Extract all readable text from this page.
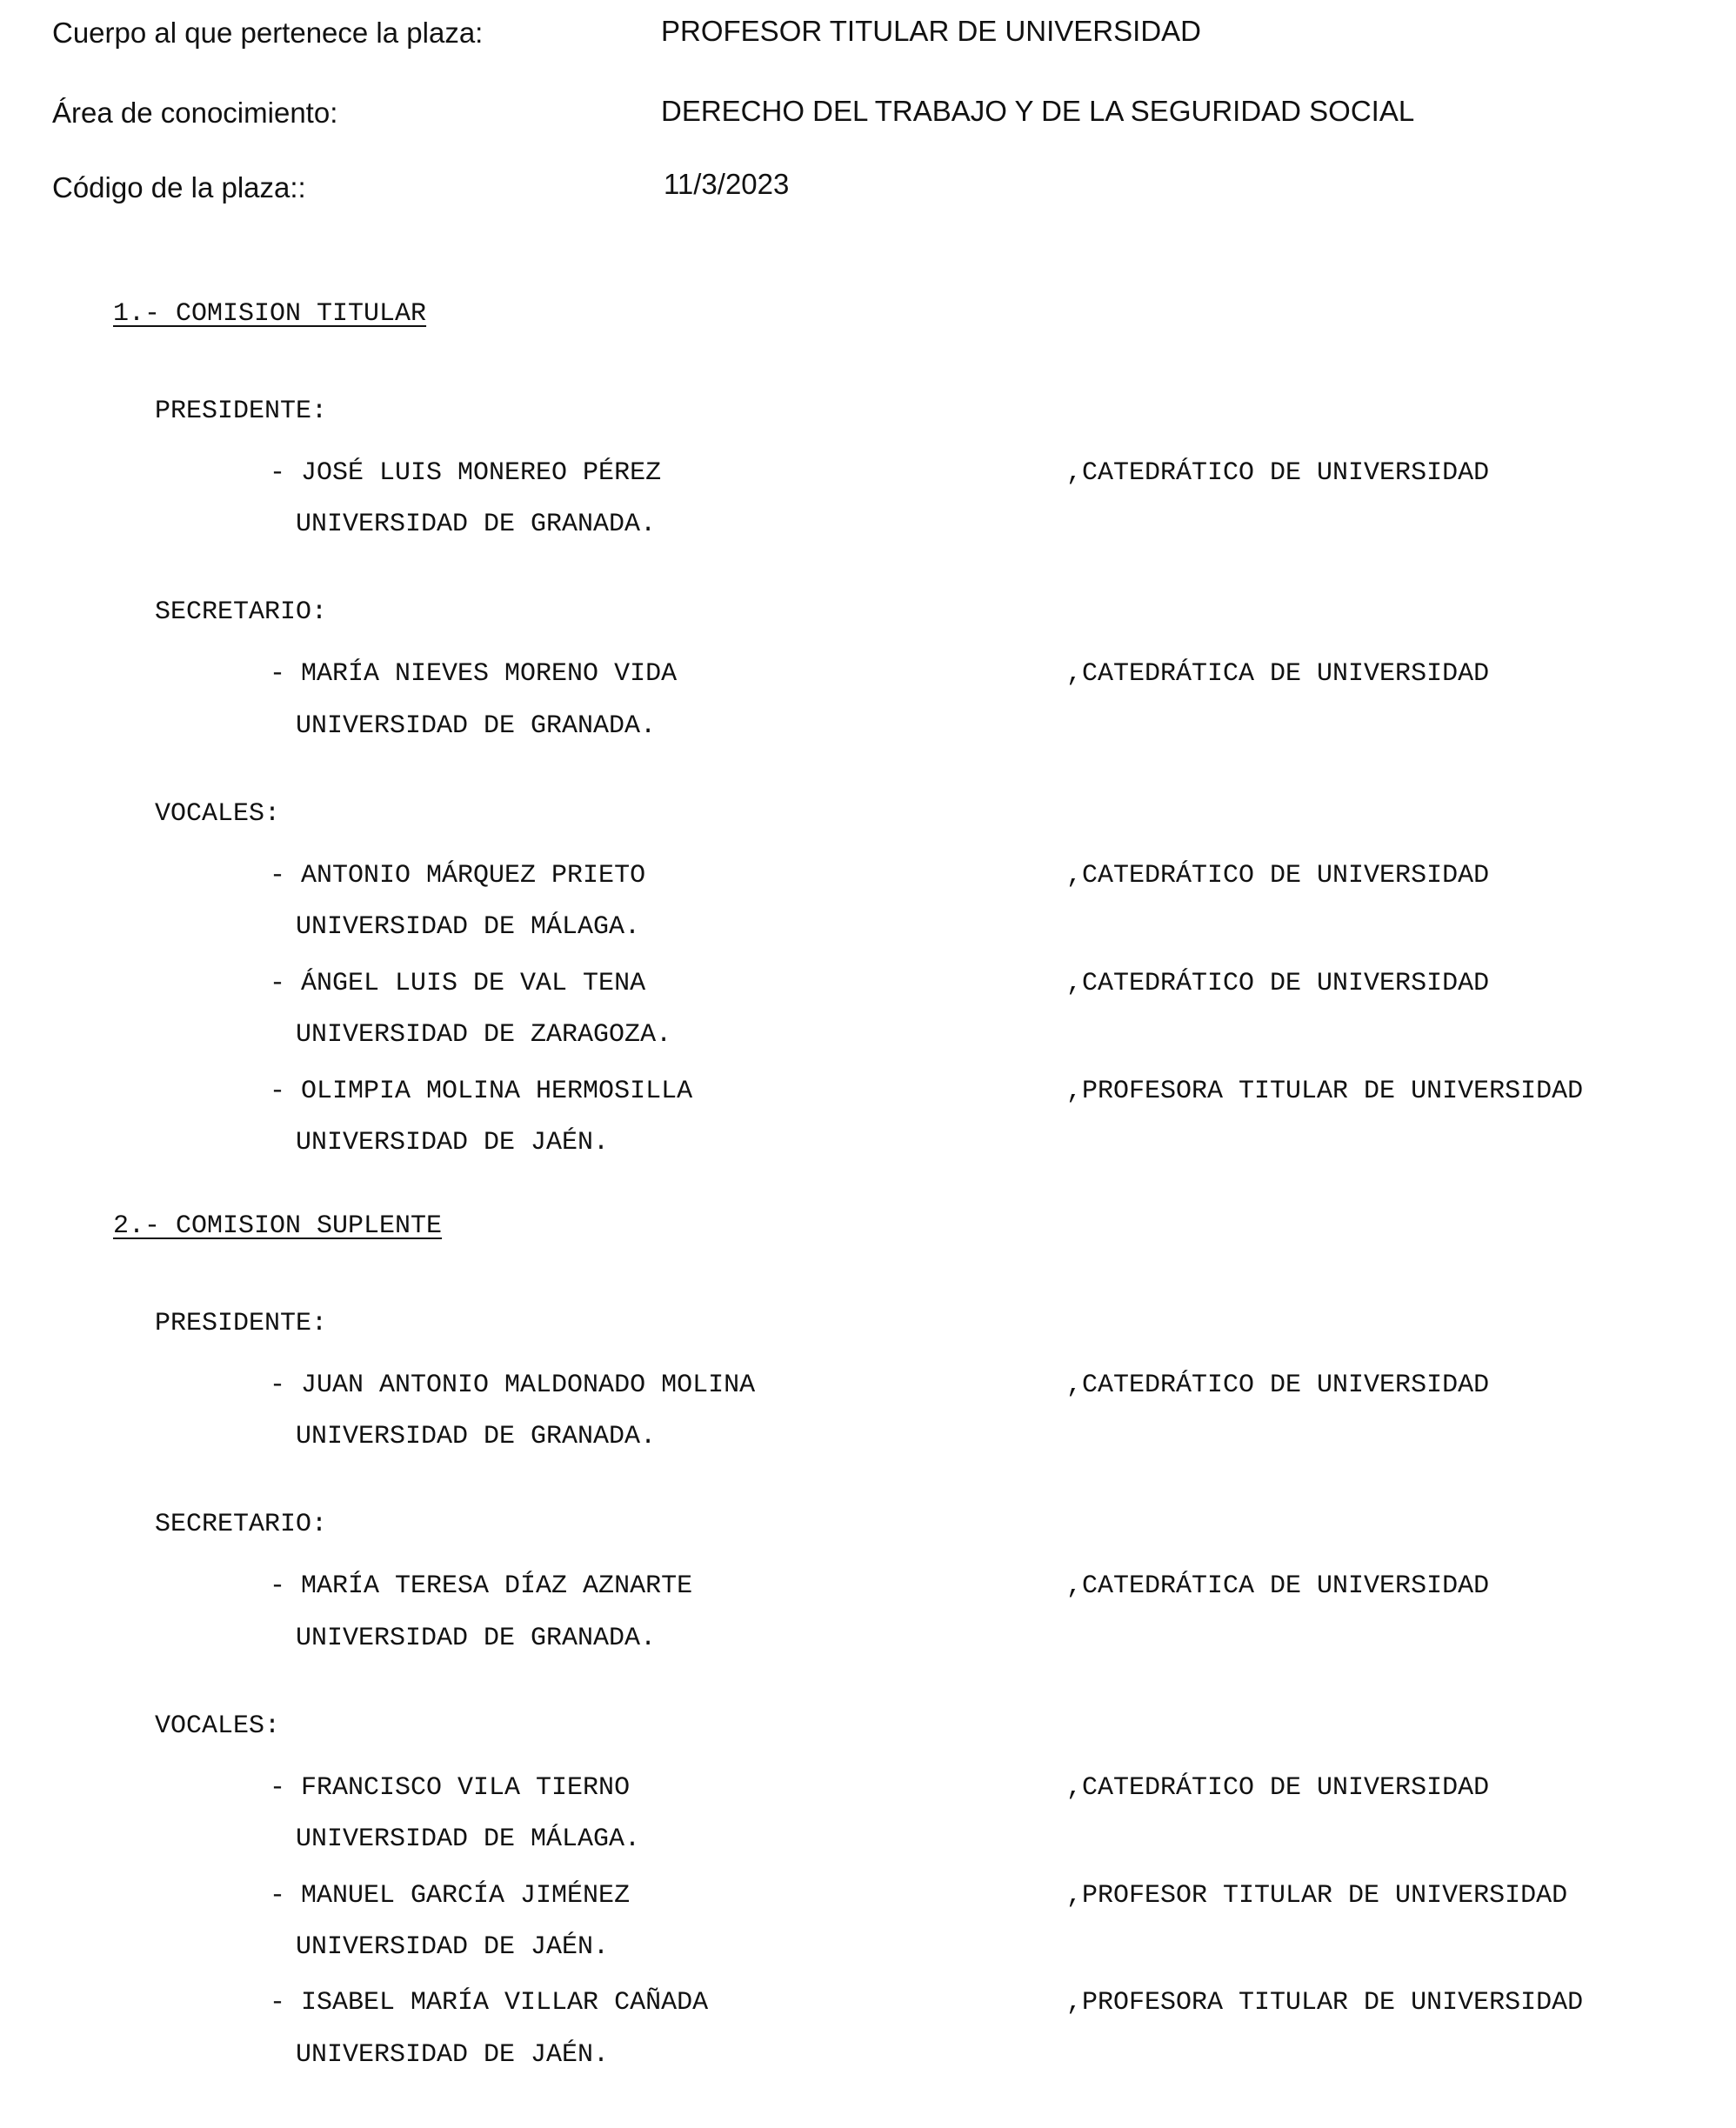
Cuerpo al que pertenece la plaza:	PROFESOR TITULAR DE UNIVERSIDAD
Área de conocimiento:	DERECHO DEL TRABAJO Y DE LA SEGURIDAD SOCIAL
Código de la plaza::	11/3/2023
1.- COMISION TITULAR
PRESIDENTE:
- JOSÉ LUIS MONEREO PÉREZ	,CATEDRÁTICO DE UNIVERSIDAD
UNIVERSIDAD DE GRANADA.
SECRETARIO:
- MARÍA NIEVES MORENO VIDA	,CATEDRÁTICA DE UNIVERSIDAD
UNIVERSIDAD DE GRANADA.
VOCALES:
- ANTONIO MÁRQUEZ PRIETO	,CATEDRÁTICO DE UNIVERSIDAD
UNIVERSIDAD DE MÁLAGA.
- ÁNGEL LUIS DE VAL TENA	,CATEDRÁTICO DE UNIVERSIDAD
UNIVERSIDAD DE ZARAGOZA.
- OLIMPIA MOLINA HERMOSILLA	,PROFESORA TITULAR DE UNIVERSIDAD
UNIVERSIDAD DE JAÉN.
2.- COMISION SUPLENTE
PRESIDENTE:
- JUAN ANTONIO MALDONADO MOLINA	,CATEDRÁTICO DE UNIVERSIDAD
UNIVERSIDAD DE GRANADA.
SECRETARIO:
- MARÍA TERESA DÍAZ AZNARTE	,CATEDRÁTICA DE UNIVERSIDAD
UNIVERSIDAD DE GRANADA.
VOCALES:
- FRANCISCO VILA TIERNO	,CATEDRÁTICO DE UNIVERSIDAD
UNIVERSIDAD DE MÁLAGA.
- MANUEL GARCÍA JIMÉNEZ	,PROFESOR TITULAR DE UNIVERSIDAD
UNIVERSIDAD DE JAÉN.
- ISABEL MARÍA VILLAR CAÑADA	,PROFESORA TITULAR DE UNIVERSIDAD
UNIVERSIDAD DE JAÉN.
